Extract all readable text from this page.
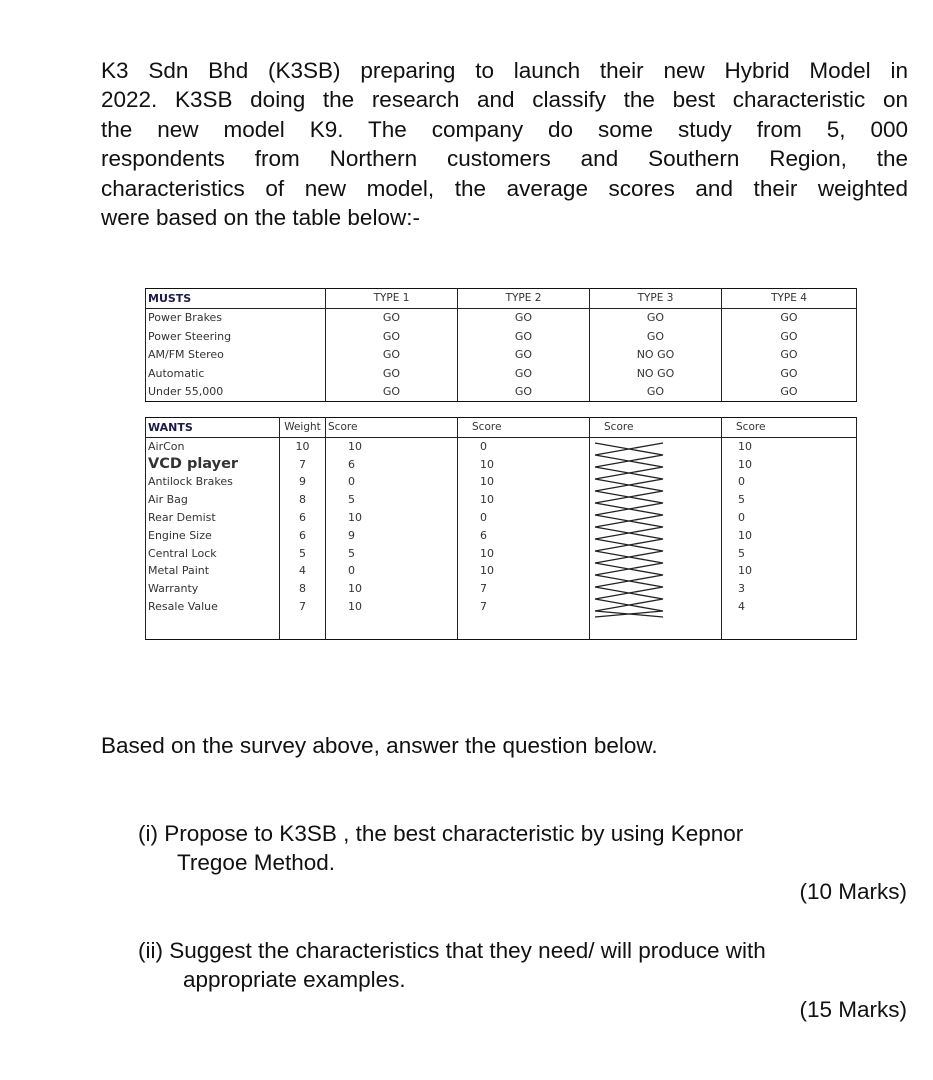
K3 Sdn Bhd (K3SB) preparing to launch their new Hybrid Model in
2022. K3SB doing the research and classify the best characteristic on
the new model K9. The company do some study from 5, 000
respondents from Northern customers and Southern Region, the
characteristics of new model, the average scores and their weighted
were based on the table below:-
MUSTS	TYPE 1	TYPE 2	TYPE 3	TYPE 4
Power Brakes	GO	GO	GO	GO
Power Steering	GO	GO	GO	GO
AM/FM Stereo	GO	GO	NO GO	GO
Automatic	GO	GO	NO GO	GO
Under 55,000	GO	GO	GO	GO
WANTS	Weight	Score	Score	Score	Score
AirCon	10	10	0		10
VCD player	7	6	10		10
Antilock Brakes	9	0	10		0
Air Bag	8	5	10		5
Rear Demist	6	10	0		0
Engine Size	6	9	6		10
Central Lock	5	5	10		5
Metal Paint	4	0	10		10
Warranty	8	10	7		3
Resale Value	7	10	7		4

Based on the survey above, answer the question below.

(i) Propose to K3SB , the best characteristic by using Kepnor

Tregoe Method.

(10 Marks)

(ii) Suggest the characteristics that they need/ will produce with

appropriate examples.

(15 Marks)
